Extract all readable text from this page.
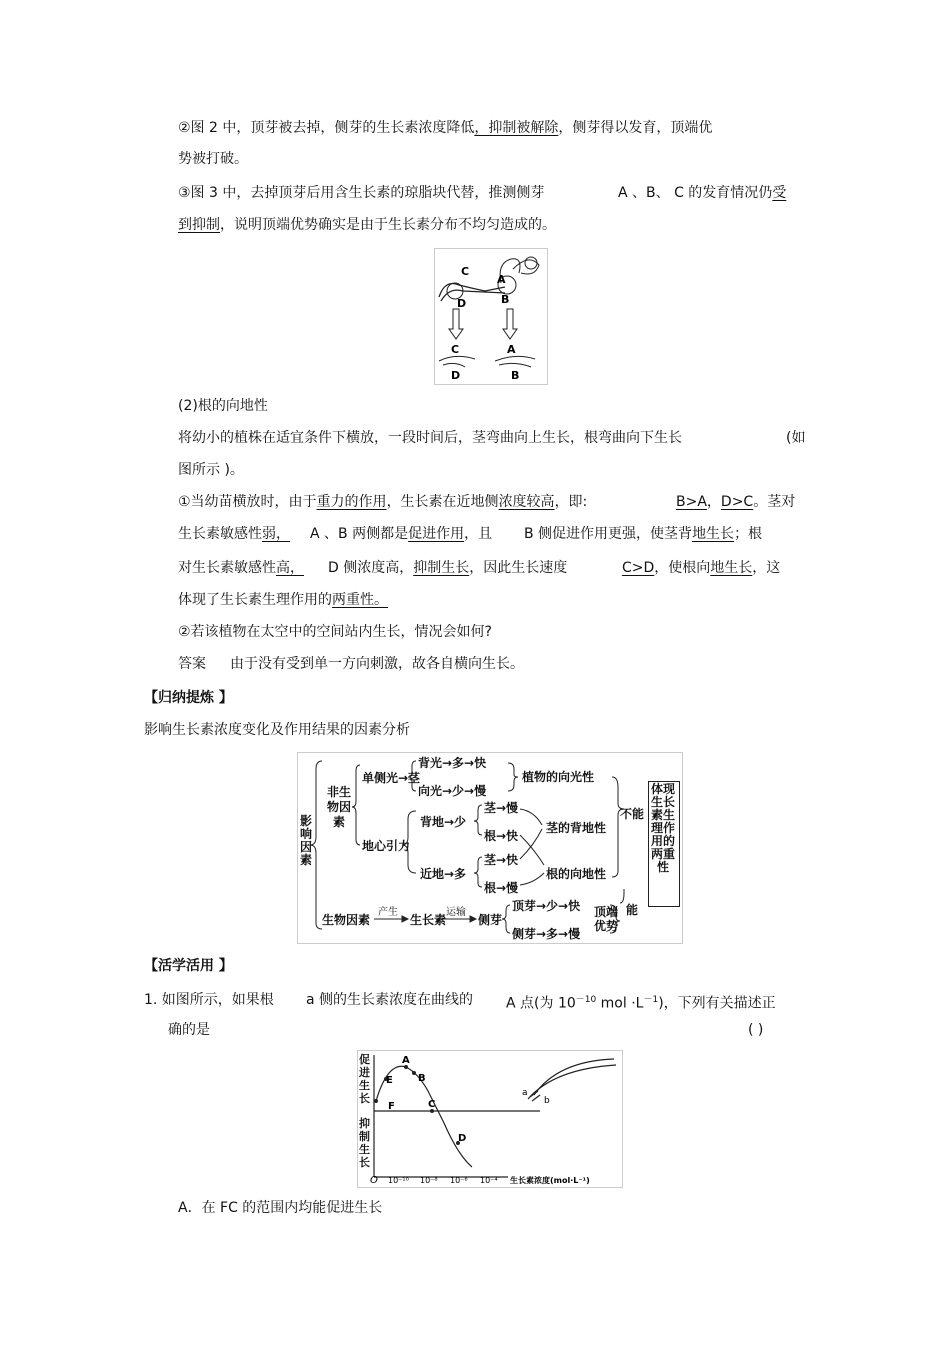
②图 2 中，顶芽被去掉，侧芽的生长素浓度降低，抑制被解除，侧芽得以发育，顶端优
势被打破。
③图 3 中，去掉顶芽后用含生长素的琼脂块代替，推测侧芽	A 、B、 C 的发育情况仍受
到抑制，说明顶端优势确实是由于生长素分布不均匀造成的。
C
A
D	B
C
D
A
B
(2)根的向地性
将幼小的植株在适宜条件下横放，一段时间后，茎弯曲向上生长，根弯曲向下生长	(如
图所示 )。
①当幼苗横放时，由于重力的作用，生长素在近地侧浓度较高，即:	B>A，D>C。茎对
生长素敏感性弱， A 、B 两侧都是促进作用，且 B 侧促进作用更强，使茎背地生长；根
对生长素敏感性高， D 侧浓度高，抑制生长，因此生长速度	C>D，使根向地生长，这
体现了生长素生理作用的两重性。
②若该植物在太空中的空间站内生长，情况会如何?
答案 由于没有受到单一方向刺激，故各自横向生长。
【归纳提炼 】
影响生长素浓度变化及作用结果的因素分析
体现生长素生理作用的两重性
影响因素
非生物因素
单侧光→茎
背光→多→快
向光→少→慢
植物的向光性
地心引力
背地→少
近地→多
茎→慢
根→快
茎→快
根→慢
茎的背地性
根的向地性
不能
能
生物因素
产生
生长素
运输
侧芽
顶芽→少→快
侧芽→多→慢
顶端优势
【活学活用 】
1. 如图所示，如果根 a 侧的生长素浓度在曲线的 A 点(为 $10^{-10}$ mol $\cdot L^{-1}$)，下列有关描述正
确的是	( )
E
A
B
F	C
D
a
b
O 10⁻¹⁰ 10⁻⁸ 10⁻⁶ 10⁻⁴ 生长素浓度(mol·L⁻¹)
促进生长
抑制生长
A．在 FC 的范围内均能促进生长
